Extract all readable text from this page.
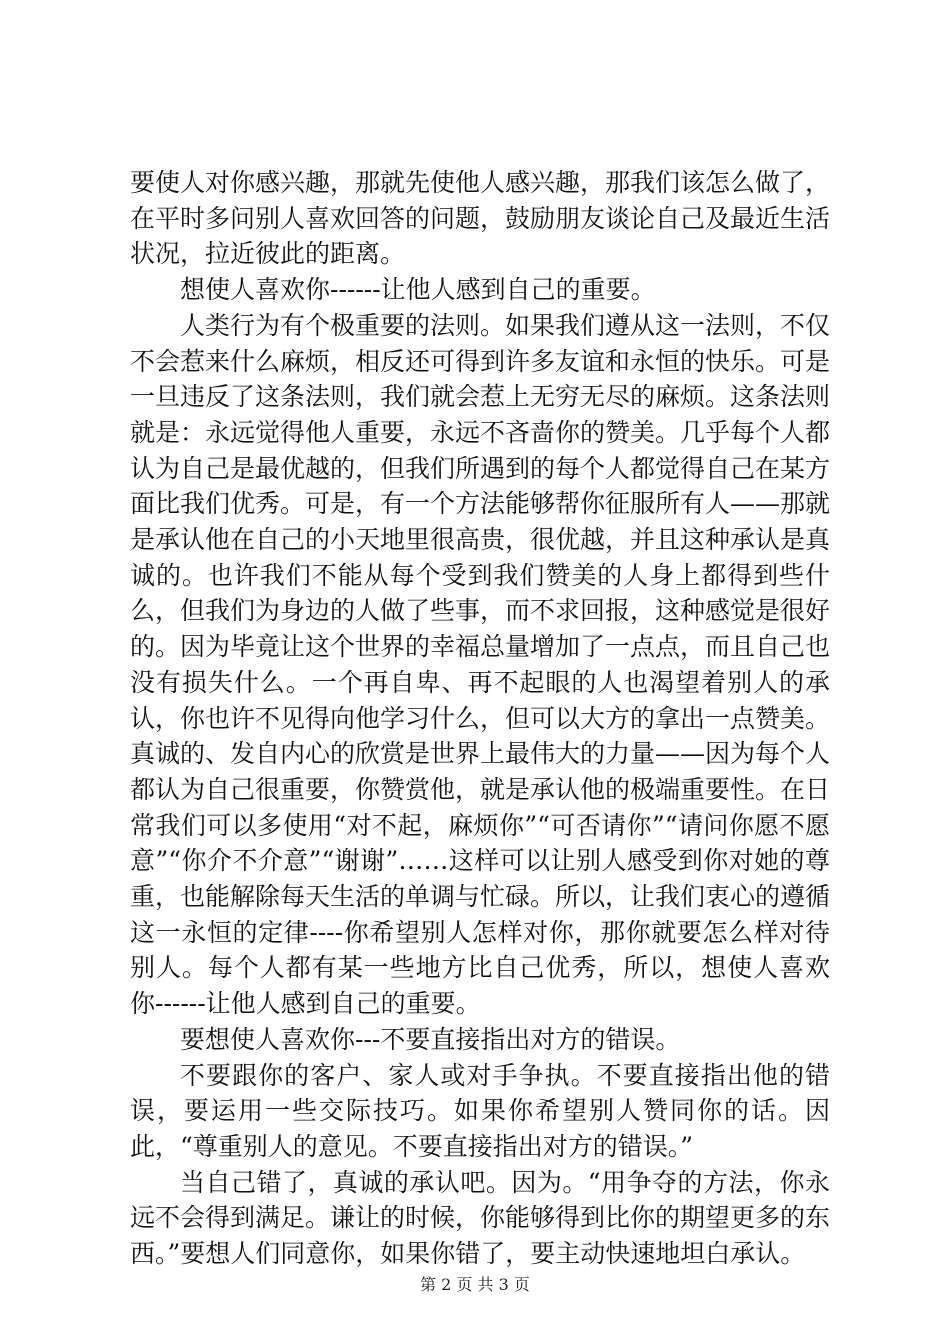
要使人对你感兴趣，那就先使他人感兴趣，那我们该怎么做了，在平时多问别人喜欢回答的问题，鼓励朋友谈论自己及最近生活状况，拉近彼此的距离。

想使人喜欢你------让他人感到自己的重要。

人类行为有个极重要的法则。如果我们遵从这一法则，不仅不会惹来什么麻烦，相反还可得到许多友谊和永恒的快乐。可是一旦违反了这条法则，我们就会惹上无穷无尽的麻烦。这条法则就是：永远觉得他人重要，永远不吝啬你的赞美。几乎每个人都认为自己是最优越的，但我们所遇到的每个人都觉得自己在某方面比我们优秀。可是，有一个方法能够帮你征服所有人——那就是承认他在自己的小天地里很高贵，很优越，并且这种承认是真诚的。也许我们不能从每个受到我们赞美的人身上都得到些什么，但我们为身边的人做了些事，而不求回报，这种感觉是很好的。因为毕竟让这个世界的幸福总量增加了一点点，而且自己也没有损失什么。一个再自卑、再不起眼的人也渴望着别人的承认，你也许不见得向他学习什么，但可以大方的拿出一点赞美。真诚的、发自内心的欣赏是世界上最伟大的力量——因为每个人都认为自己很重要，你赞赏他，就是承认他的极端重要性。在日常我们可以多使用“对不起，麻烦你”“可否请你”“请问你愿不愿意”“你介不介意”“谢谢”……这样可以让别人感受到你对她的尊重，也能解除每天生活的单调与忙碌。所以，让我们衷心的遵循这一永恒的定律----你希望别人怎样对你，那你就要怎么样对待别人。每个人都有某一些地方比自己优秀，所以，想使人喜欢你------让他人感到自己的重要。

要想使人喜欢你---不要直接指出对方的错误。

不要跟你的客户、家人或对手争执。不要直接指出他的错误，要运用一些交际技巧。如果你希望别人赞同你的话。因此，“尊重别人的意见。不要直接指出对方的错误。”

当自己错了，真诚的承认吧。因为。“用争夺的方法，你永远不会得到满足。谦让的时候，你能够得到比你的期望更多的东西。”要想人们同意你，如果你错了，要主动快速地坦白承认。

第 2 页 共 3 页
